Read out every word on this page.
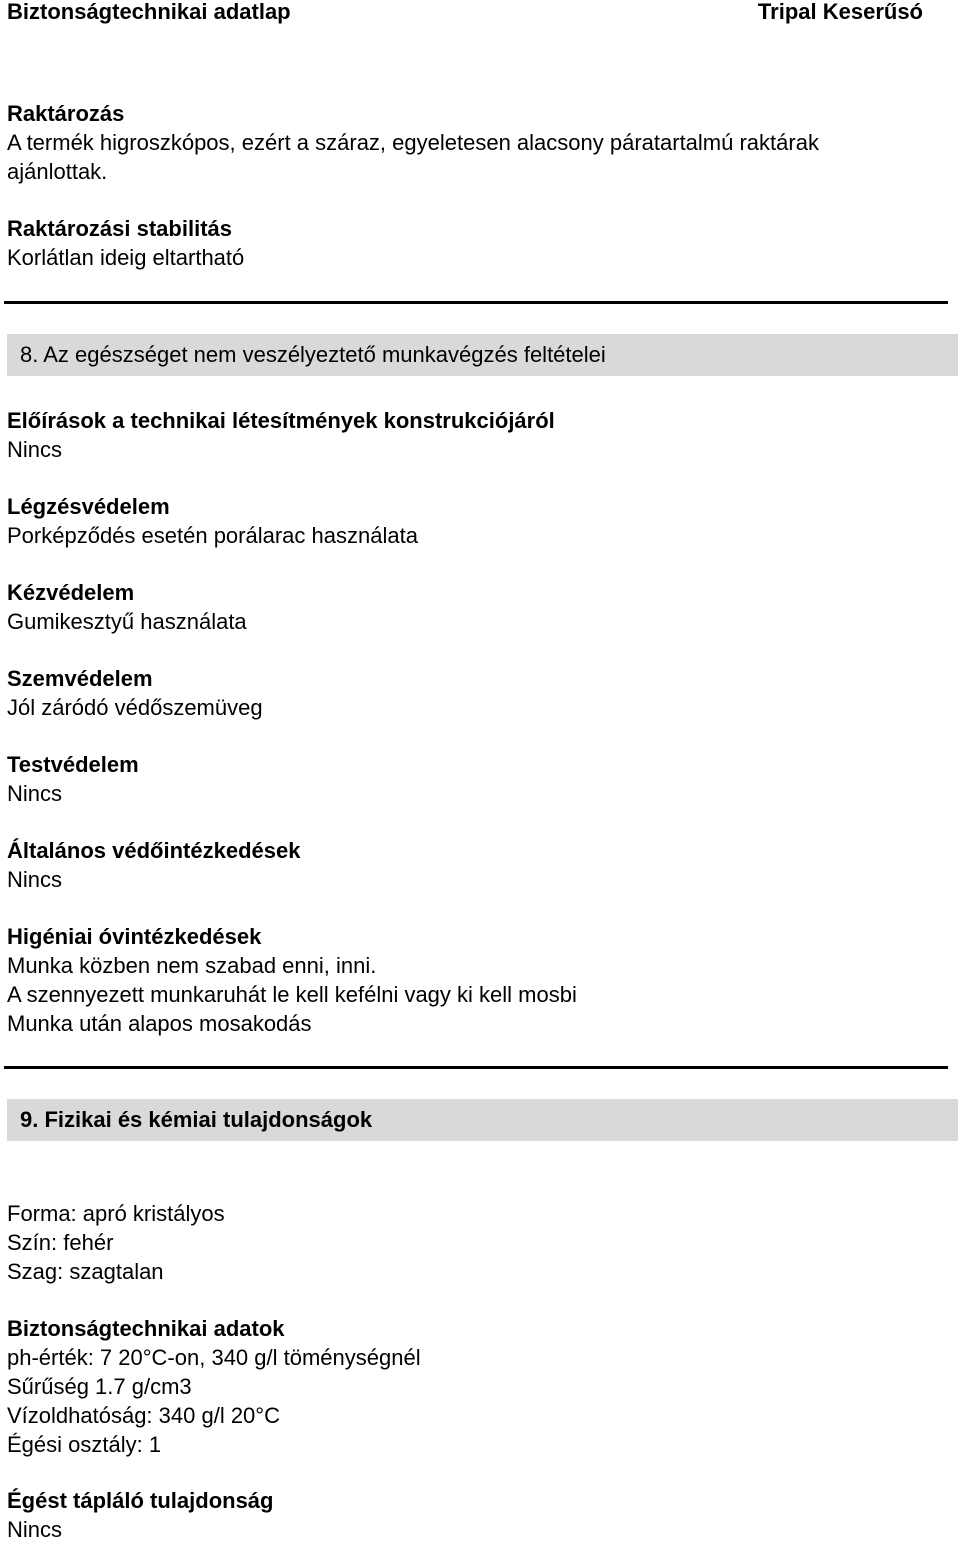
Biztonságtechnikai adatlap	Tripal Keserűsó
Raktározás
A termék higroszkópos, ezért a száraz, egyeletesen alacsony páratartalmú raktárak
ajánlottak.
Raktározási stabilitás
Korlátlan ideig eltartható
8. Az egészséget nem veszélyeztető munkavégzés feltételei
Előírások a technikai létesítmények konstrukciójáról
Nincs
Légzésvédelem
Porképződés esetén porálarac használata
Kézvédelem
Gumikesztyű használata
Szemvédelem
Jól záródó védőszemüveg
Testvédelem
Nincs
Általános védőintézkedések
Nincs
Higéniai óvintézkedések
Munka közben nem szabad enni, inni.
A szennyezett munkaruhát le kell kefélni vagy ki kell mosbi
Munka után alapos mosakodás
9. Fizikai és kémiai tulajdonságok
Forma: apró kristályos
Szín: fehér
Szag: szagtalan
Biztonságtechnikai adatok
ph-érték: 7 20°C-on, 340 g/l töménységnél
Sűrűség 1.7 g/cm3
Vízoldhatóság: 340 g/l 20°C
Égési osztály: 1
Égést tápláló tulajdonság
Nincs
